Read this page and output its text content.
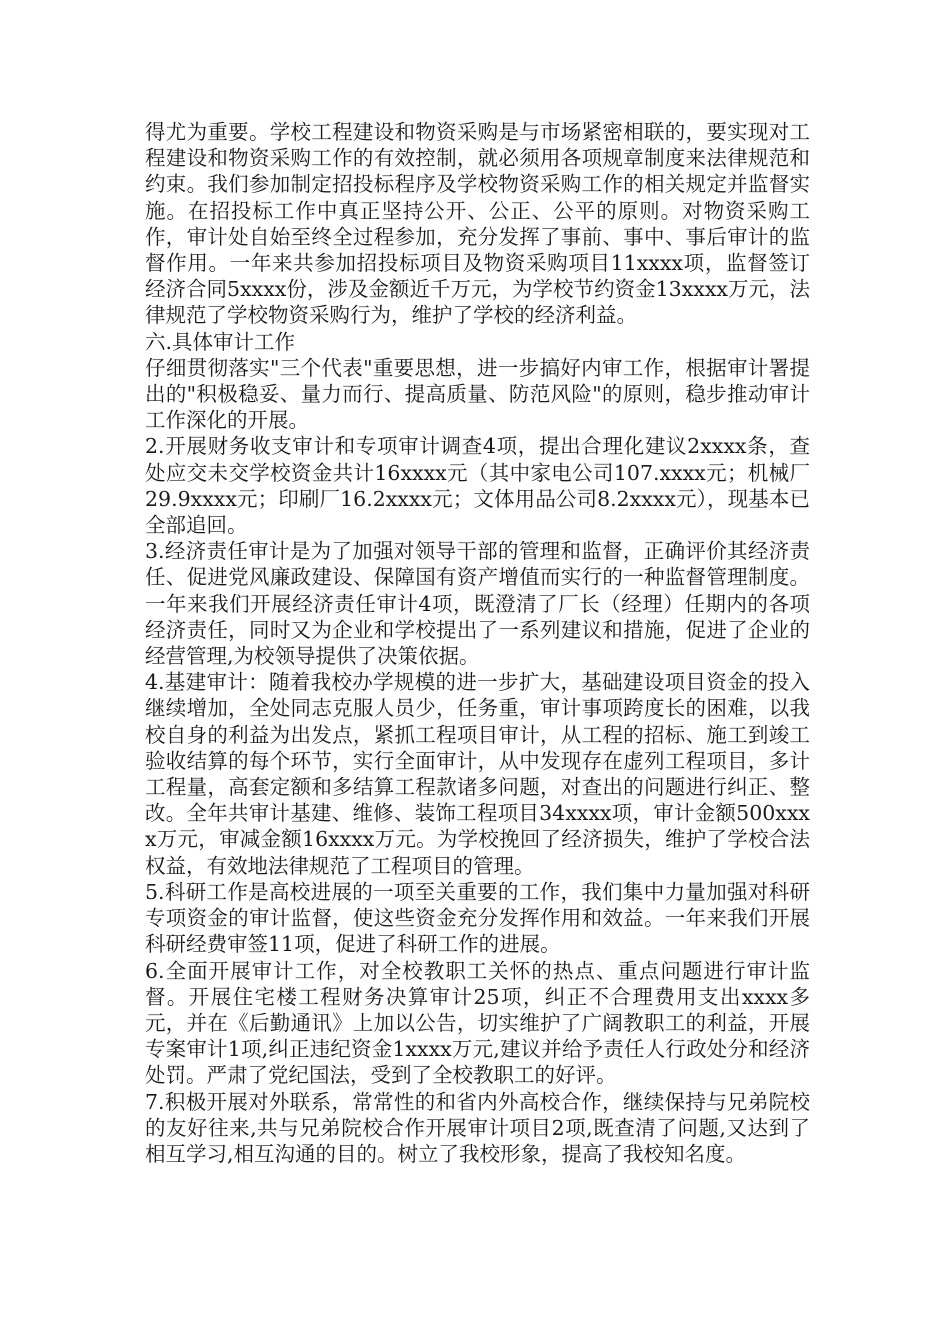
得尤为重要。学校工程建设和物资采购是与市场紧密相联的，要实现对工程建设和物资采购工作的有效控制，就必须用各项规章制度来法律规范和约束。我们参加制定招投标程序及学校物资采购工作的相关规定并监督实施。在招投标工作中真正坚持公开、公正、公平的原则。对物资采购工作，审计处自始至终全过程参加，充分发挥了事前、事中、事后审计的监督作用。一年来共参加招投标项目及物资采购项目11xxxx项，监督签订经济合同5xxxx份，涉及金额近千万元，为学校节约资金13xxxx万元，法律规范了学校物资采购行为，维护了学校的经济利益。

六.具体审计工作

仔细贯彻落实"三个代表"重要思想，进一步搞好内审工作，根据审计署提出的"积极稳妥、量力而行、提高质量、防范风险"的原则，稳步推动审计工作深化的开展。

2.开展财务收支审计和专项审计调查4项，提出合理化建议2xxxx条，查处应交未交学校资金共计16xxxx元（其中家电公司107.xxxx元；机械厂29.9xxxx元；印刷厂16.2xxxx元；文体用品公司8.2xxxx元），现基本已全部追回。

3.经济责任审计是为了加强对领导干部的管理和监督，正确评价其经济责任、促进党风廉政建设、保障国有资产增值而实行的一种监督管理制度。一年来我们开展经济责任审计4项，既澄清了厂长（经理）任期内的各项经济责任，同时又为企业和学校提出了一系列建议和措施，促进了企业的经营管理,为校领导提供了决策依据。

4.基建审计：随着我校办学规模的进一步扩大，基础建设项目资金的投入继续增加，全处同志克服人员少，任务重，审计事项跨度长的困难，以我校自身的利益为出发点，紧抓工程项目审计，从工程的招标、施工到竣工验收结算的每个环节，实行全面审计，从中发现存在虚列工程项目，多计工程量，高套定额和多结算工程款诸多问题，对查出的问题进行纠正、整改。全年共审计基建、维修、装饰工程项目34xxxx项，审计金额500xxxx万元，审减金额16xxxx万元。为学校挽回了经济损失，维护了学校合法权益，有效地法律规范了工程项目的管理。

5.科研工作是高校进展的一项至关重要的工作，我们集中力量加强对科研专项资金的审计监督，使这些资金充分发挥作用和效益。一年来我们开展科研经费审签11项，促进了科研工作的进展。

6.全面开展审计工作，对全校教职工关怀的热点、重点问题进行审计监督。开展住宅楼工程财务决算审计25项，纠正不合理费用支出xxxx多元，并在《后勤通讯》上加以公告，切实维护了广阔教职工的利益，开展专案审计1项,纠正违纪资金1xxxx万元,建议并给予责任人行政处分和经济处罚。严肃了党纪国法，受到了全校教职工的好评。

7.积极开展对外联系，常常性的和省内外高校合作，继续保持与兄弟院校的友好往来,共与兄弟院校合作开展审计项目2项,既查清了问题,又达到了相互学习,相互沟通的目的。树立了我校形象，提高了我校知名度。
